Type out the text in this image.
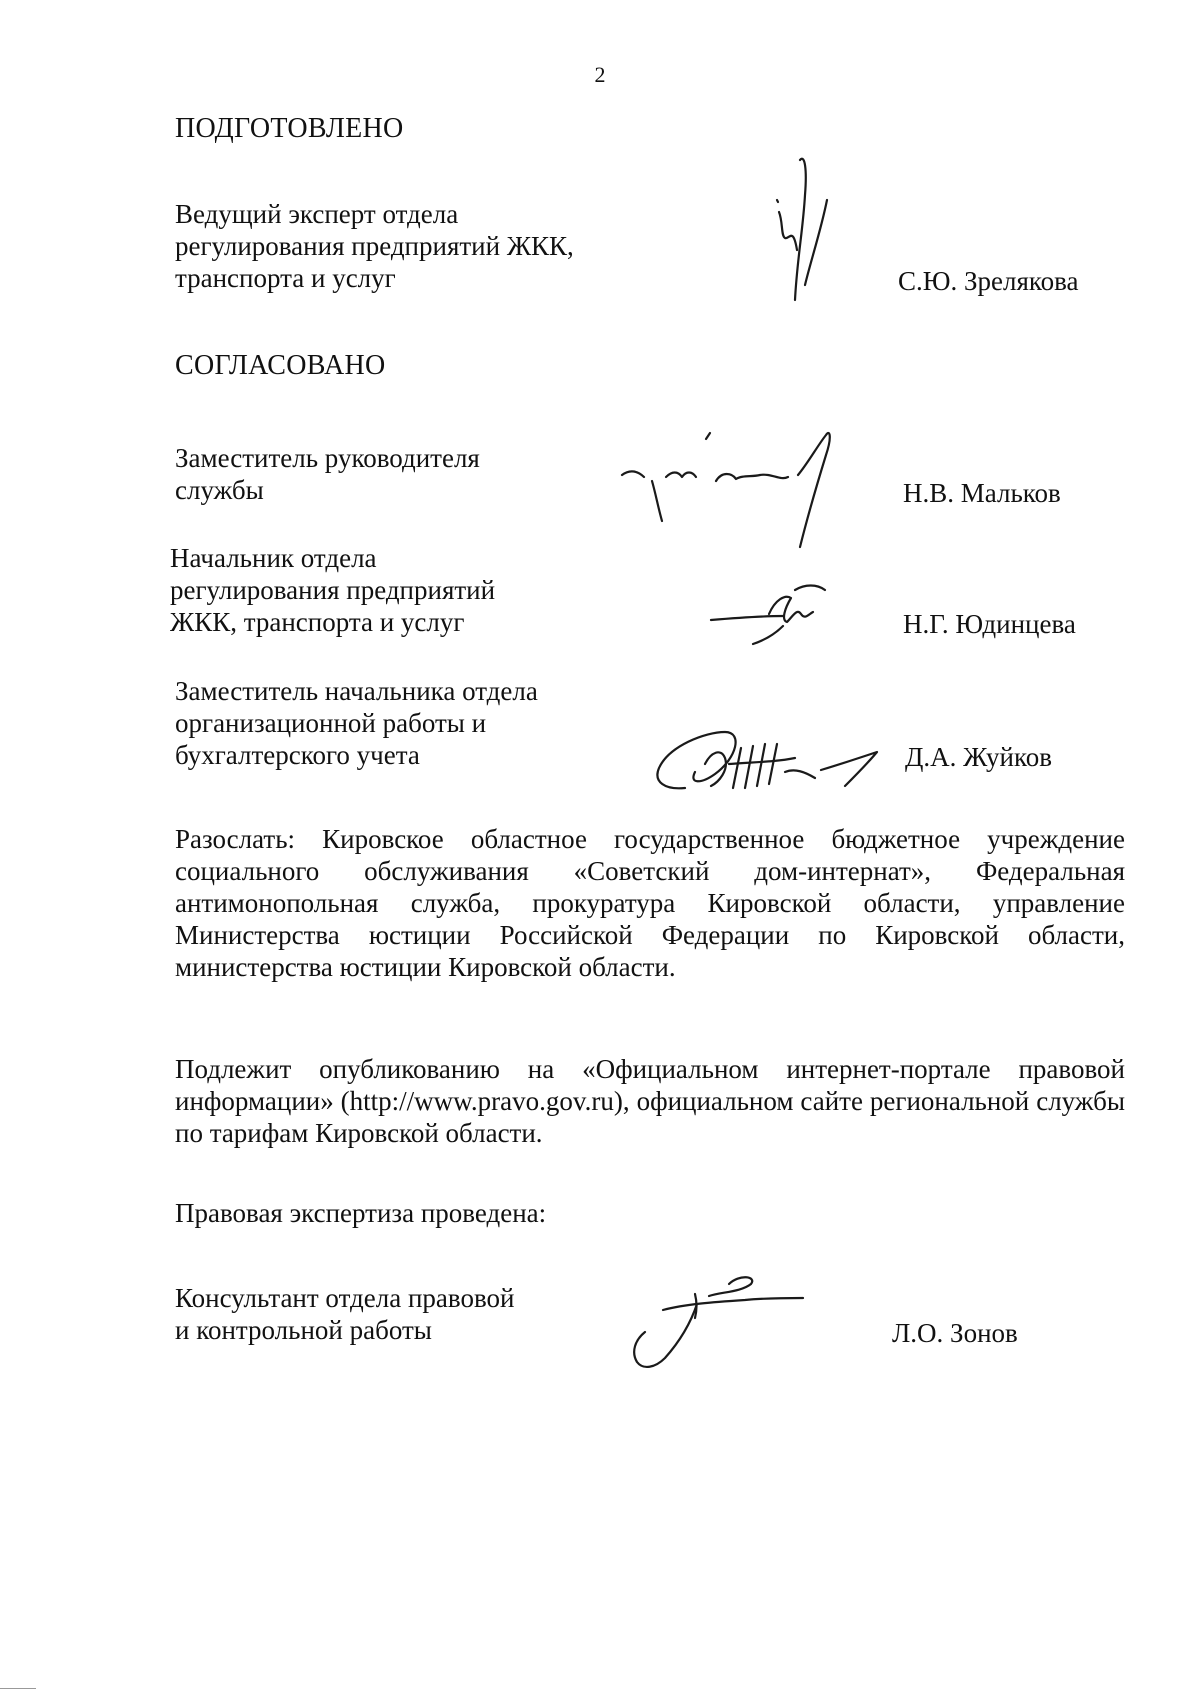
2
ПОДГОТОВЛЕНО
Ведущий эксперт отдела
регулирования предприятий ЖКК,
транспорта и услуг	С.Ю. Зрелякова
СОГЛАСОВАНО
Заместитель руководителя
службы	Н.В. Мальков
Начальник отдела
регулирования предприятий
ЖКК, транспорта и услуг	Н.Г. Юдинцева
Заместитель начальника отдела
организационной работы и
бухгалтерского учета	Д.А. Жуйков
Разослать: Кировское областное государственное бюджетное учреждение социального обслуживания «Советский дом-интернат», Федеральная антимонопольная служба, прокуратура Кировской области, управление Министерства юстиции Российской Федерации по Кировской области, министерства юстиции Кировской области.
Подлежит опубликованию на «Официальном интернет-портале правовой информации» (http://www.pravo.gov.ru), официальном сайте региональной службы по тарифам Кировской области.
Правовая экспертиза проведена:
Консультант отдела правовой
и контрольной работы	Л.О. Зонов
